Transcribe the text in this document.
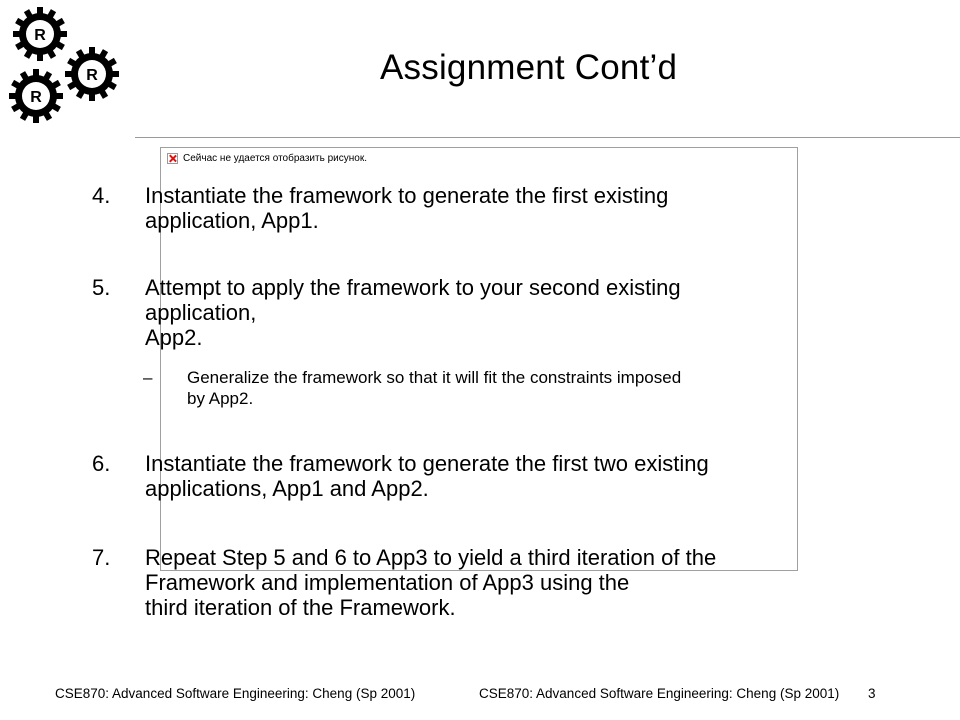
R
R
R
Assignment Cont’d
Сейчас не удается отобразить рисунок.
4. Instantiate the framework to generate the first existing
application, App1.
5. Attempt to apply the framework to your second existing
application,
App2.
– Generalize the framework so that it will fit the constraints imposed
by App2.
6. Instantiate the framework to generate the first two existing
applications, App1 and App2.
7. Repeat Step 5 and 6 to App3 to yield a third iteration of the
Framework and implementation of App3 using the
third iteration of the Framework.
CSE870: Advanced Software Engineering: Cheng (Sp 2001)	CSE870: Advanced Software Engineering: Cheng (Sp 2001) 3
